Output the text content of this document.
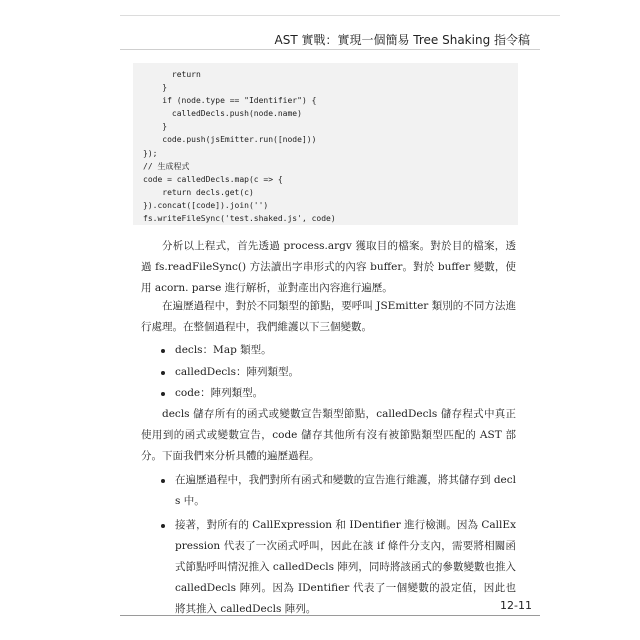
AST 實戰：實現一個簡易 Tree Shaking 指令稿
return
}
if (node.type == "Identifier") {
calledDecls.push(node.name)
}
code.push(jsEmitter.run([node]))
});
// 生成程式
code = calledDecls.map(c => {
return decls.get(c)
}).concat([code]).join('')
fs.writeFileSync('test.shaked.js', code)

分析以上程式，首先透過 process.argv 獲取目的檔案。對於目的檔案，透過 fs.readFileSync() 方法讀出字串形式的內容 buffer。對於 buffer 變數，使用 acorn. parse 進行解析，並對產出內容進行遍歷。

在遍歷過程中，對於不同類型的節點，要呼叫 JSEmitter 類別的不同方法進行處理。在整個過程中，我們維護以下三個變數。

decls：Map 類型。
calledDecls：陣列類型。
code：陣列類型。

decls 儲存所有的函式或變數宣告類型節點，calledDecls 儲存程式中真正使用到的函式或變數宣告，code 儲存其他所有沒有被節點類型匹配的 AST 部分。 下面我們來分析具體的遍歷過程。

在遍歷過程中，我們對所有函式和變數的宣告進行維護，將其儲存到 decls 中。
接著，對所有的 CallExpression 和 IDentifier 進行檢測。因為 CallExpression 代表了一次函式呼叫，因此在該 if 條件分支內，需要將相關函式節點呼叫情況推入 calledDecls 陣列，同時將該函式的參數變數也推入 calledDecls 陣列。因為 IDentifier 代表了一個變數的設定值，因此也將其推入 calledDecls 陣列。	12-11
